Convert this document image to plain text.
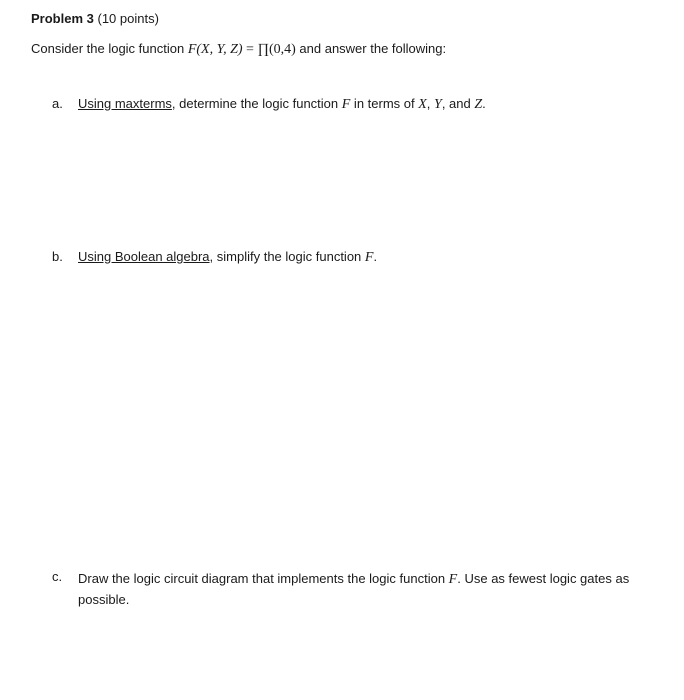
Problem 3 (10 points)
Consider the logic function F(X, Y, Z) = ∏(0,4) and answer the following:
a. Using maxterms, determine the logic function F in terms of X, Y, and Z.
b. Using Boolean algebra, simplify the logic function F.
c. Draw the logic circuit diagram that implements the logic function F. Use as fewest logic gates as possible.
